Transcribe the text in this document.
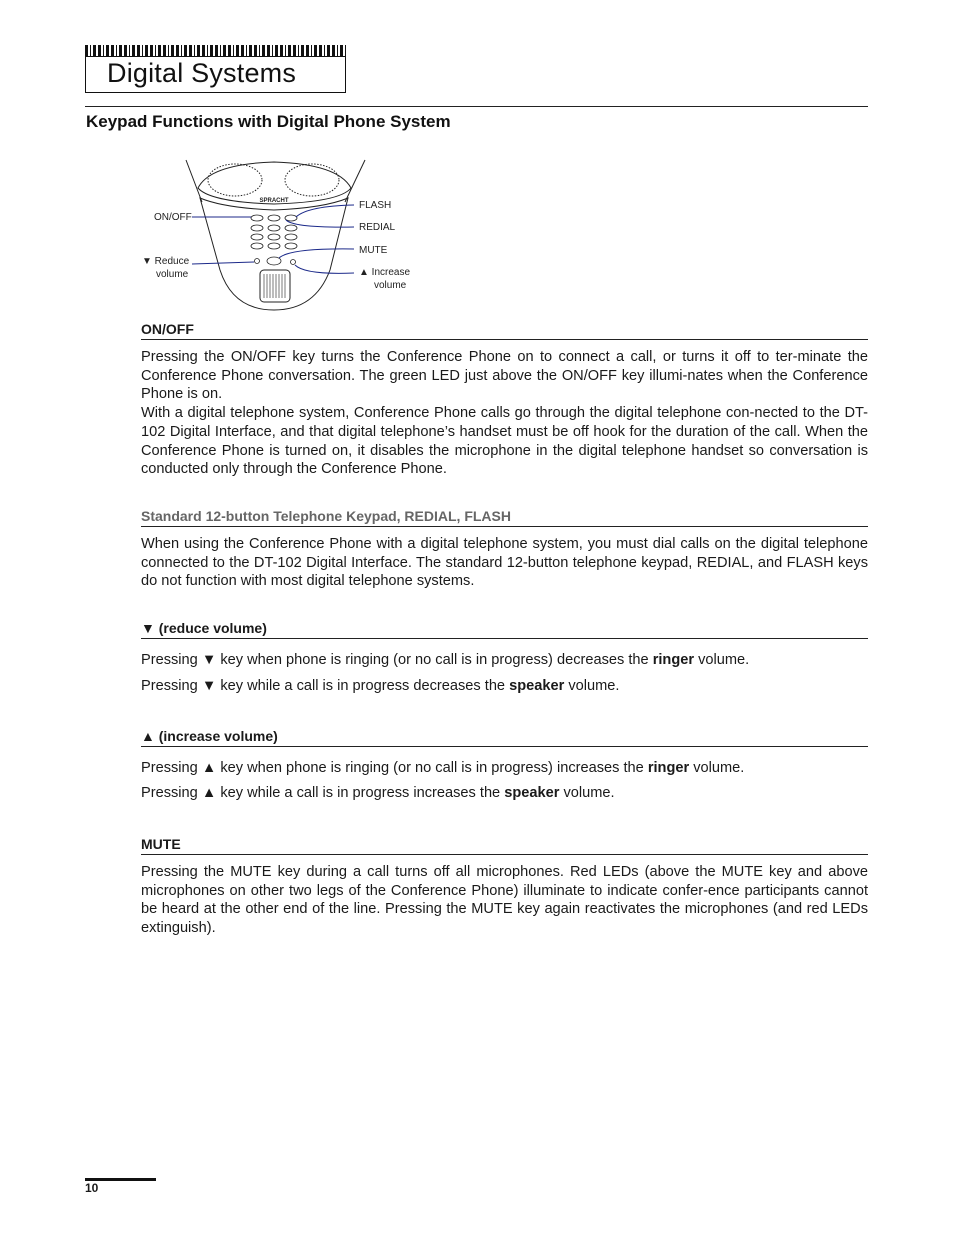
Digital Systems
Keypad Functions with Digital Phone System
SPRACHT
ON/OFF
FLASH
REDIAL
MUTE
▼ Reduce
volume	▲ Increase
volume
ON/OFF

Pressing the ON/OFF key turns the Conference Phone on to connect a call, or turns it off to ter-minate the Conference Phone conversation. The green LED just above the ON/OFF key illumi-nates when the Conference Phone is on.

With a digital telephone system, Conference Phone calls go through the digital telephone con-nected to the DT-102 Digital Interface, and that digital telephone’s handset must be off hook for the duration of the call. When the Conference Phone is turned on, it disables the microphone in the digital telephone handset so conversation is conducted only through the Conference Phone.

Standard 12-button Telephone Keypad, REDIAL, FLASH

When using the Conference Phone with a digital telephone system, you must dial calls on the digital telephone connected to the DT-102 Digital Interface. The standard 12-button telephone keypad, REDIAL, and FLASH keys do not function with most digital telephone systems.

▼ (reduce volume)

Pressing ▼ key when phone is ringing (or no call is in progress) decreases the ringer volume.

Pressing ▼ key while a call is in progress decreases the speaker volume.

▲ (increase volume)

Pressing ▲ key when phone is ringing (or no call is in progress) increases the ringer volume.

Pressing ▲ key while a call is in progress increases the speaker volume.

MUTE

Pressing the MUTE key during a call turns off all microphones. Red LEDs (above the MUTE key and above microphones on other two legs of the Conference Phone) illuminate to indicate confer-ence participants cannot be heard at the other end of the line. Pressing the MUTE key again reactivates the microphones (and red LEDs extinguish).

10
